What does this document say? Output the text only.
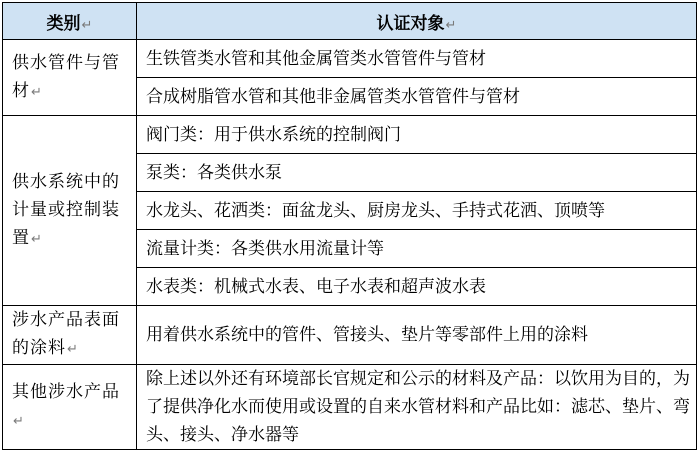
类别↵	认证对象↵
供水管件与管材↵	生铁管类水管和其他金属管类水管管件与管材
	合成树脂管水管和其他非金属管类水管管件与管材
供水系统中的计量或控制装置↵	阀门类：用于供水系统的控制阀门
	泵类：各类供水泵
	水龙头、花洒类：面盆龙头、厨房龙头、手持式花洒、顶喷等
	流量计类：各类供水用流量计等
	水表类：机械式水表、电子水表和超声波水表
涉水产品表面的涂料↵	用着供水系统中的管件、管接头、垫片等零部件上用的涂料
其他涉水产品↵	除上述以外还有环境部长官规定和公示的材料及产品：以饮用为目的，为了提供净化水而使用或设置的自来水管材料和产品比如：滤芯、垫片、弯头、接头、净水器等
